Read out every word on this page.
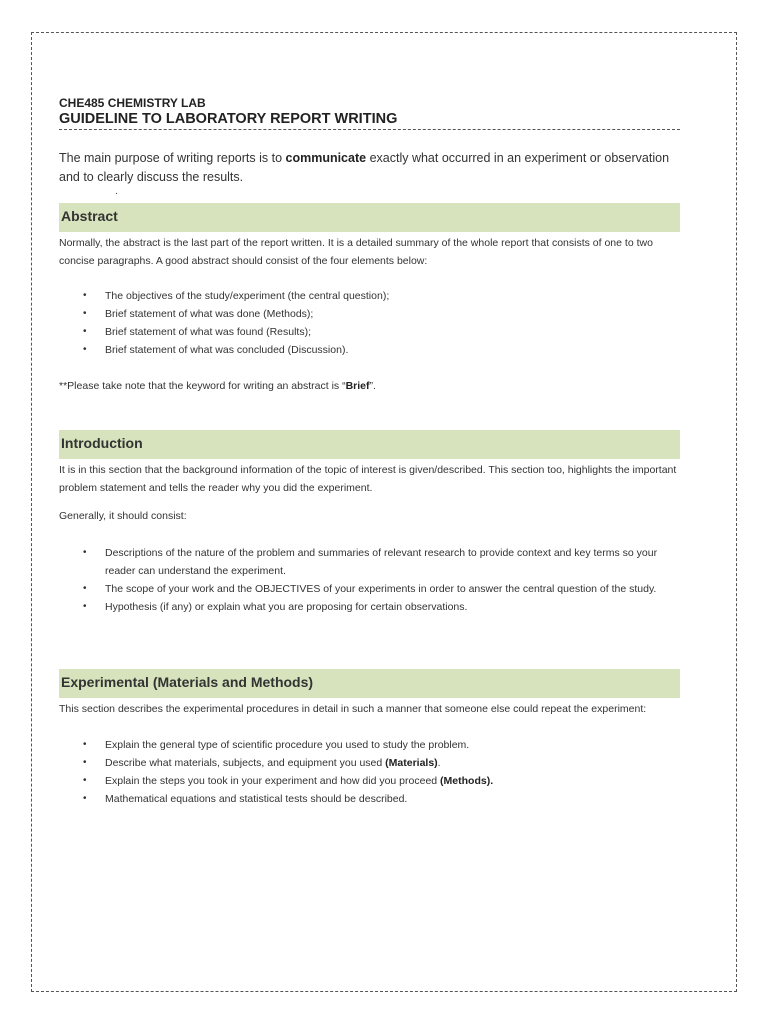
CHE485 CHEMISTRY LAB
GUIDELINE TO LABORATORY REPORT WRITING
The main purpose of writing reports is to communicate exactly what occurred in an experiment or observation and to clearly discuss the results.
.
Abstract
Normally, the abstract is the last part of the report written. It is a detailed summary of the whole report that consists of one to two concise paragraphs. A good abstract should consist of the four elements below:
• The objectives of the study/experiment (the central question);
• Brief statement of what was done (Methods);
• Brief statement of what was found (Results);
• Brief statement of what was concluded (Discussion).
**Please take note that the keyword for writing an abstract is “Brief”.
Introduction
It is in this section that the background information of the topic of interest is given/described. This section too, highlights the important problem statement and tells the reader why you did the experiment.
Generally, it should consist:
• Descriptions of the nature of the problem and summaries of relevant research to provide context and key terms so your reader can understand the experiment.
• The scope of your work and the OBJECTIVES of your experiments in order to answer the central question of the study.
• Hypothesis (if any) or explain what you are proposing for certain observations.
Experimental (Materials and Methods)
This section describes the experimental procedures in detail in such a manner that someone else could repeat the experiment:
• Explain the general type of scientific procedure you used to study the problem.
• Describe what materials, subjects, and equipment you used (Materials).
• Explain the steps you took in your experiment and how did you proceed (Methods).
• Mathematical equations and statistical tests should be described.
